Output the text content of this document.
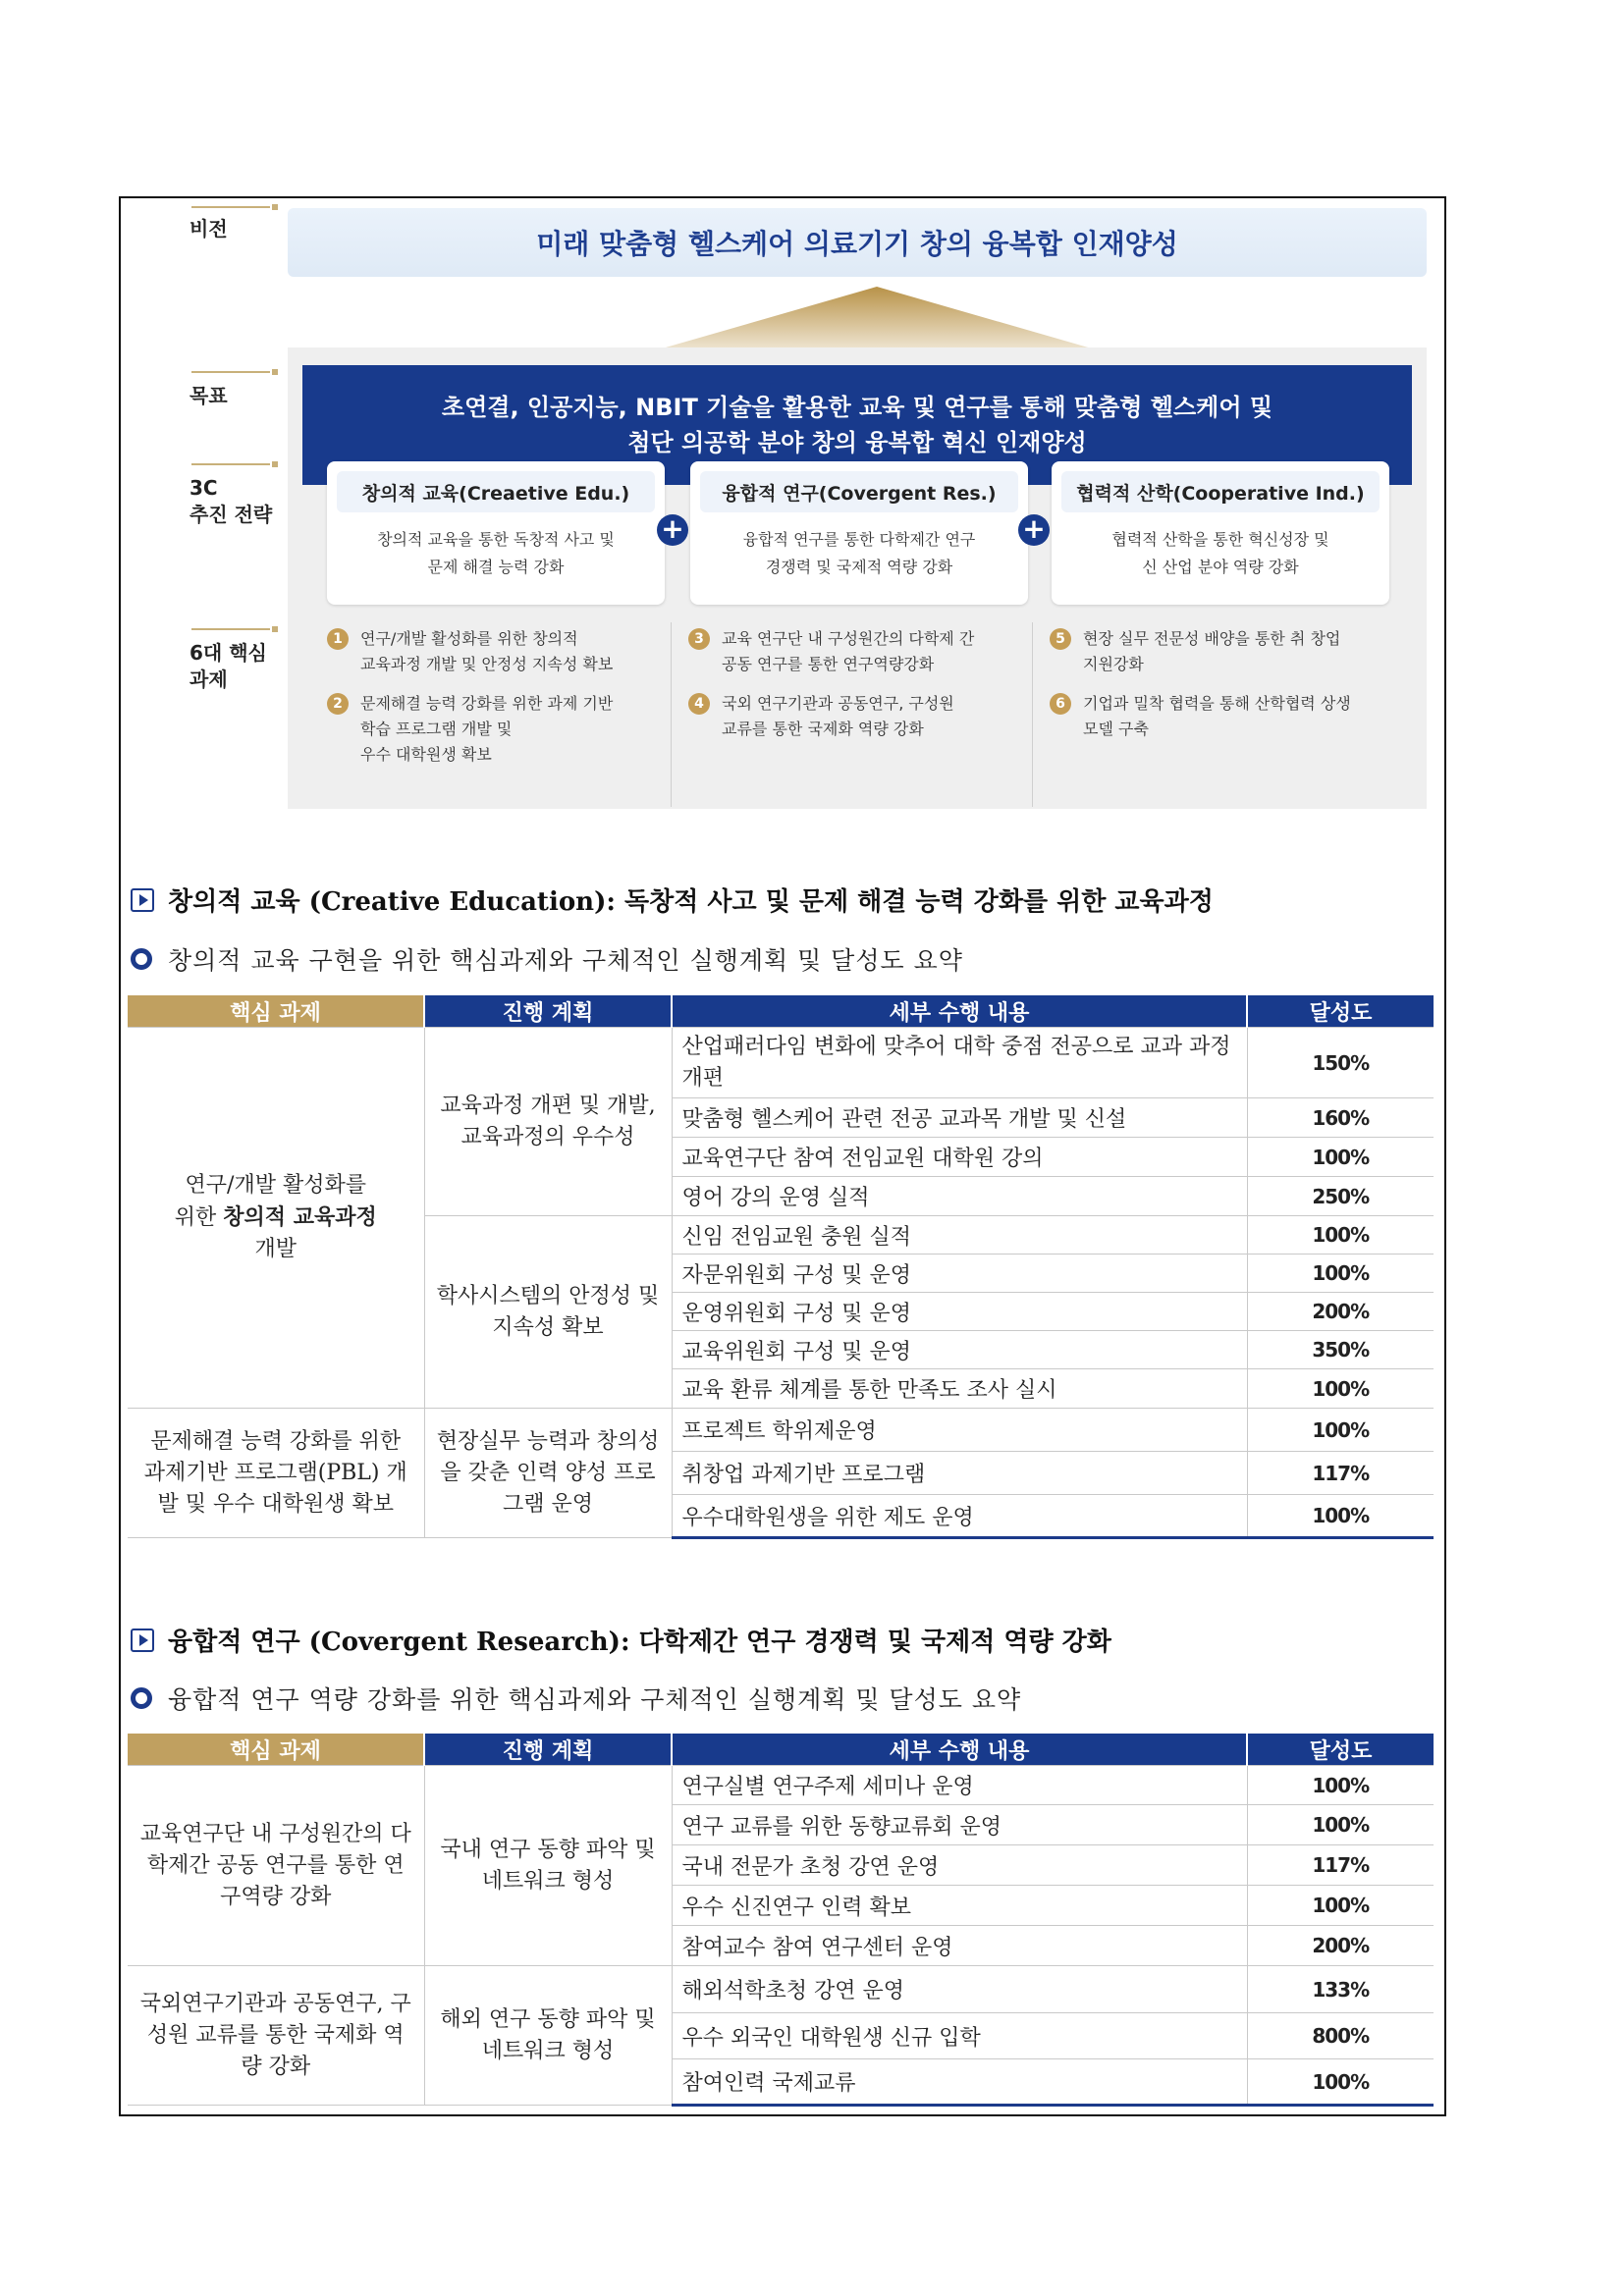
비전	미래 맞춤형 헬스케어 의료기기 창의 융복합 인재양성
목표	초연결, 인공지능, NBIT 기술을 활용한 교육 및 연구를 통해 맞춤형 헬스케어 및
첨단 의공학 분야 창의 융복합 혁신 인재양성
3C
추진 전략
창의적 교육(Creaetive Edu.)
창의적 교육을 통한 독창적 사고 및
문제 해결 능력 강화
+
융합적 연구(Covergent Res.)
융합적 연구를 통한 다학제간 연구
경쟁력 및 국제적 역량 강화
+
협력적 산학(Cooperative Ind.)
협력적 산학을 통한 혁신성장 및
신 산업 분야 역량 강화
6대 핵심
과제
1	연구/개발 활성화를 위한 창의적
교육과정 개발 및 안정성 지속성 확보
2	문제해결 능력 강화를 위한 과제 기반
학습 프로그램 개발 및
우수 대학원생 확보
3	교육 연구단 내 구성원간의 다학제 간
공동 연구를 통한 연구역량강화
4	국외 연구기관과 공동연구, 구성원
교류를 통한 국제화 역량 강화
5	현장 실무 전문성 배양을 통한 취 창업
지원강화
6	기업과 밀착 협력을 통해 산학협력 상생
모델 구축
창의적 교육 (Creative Education): 독창적 사고 및 문제 해결 능력 강화를 위한 교육과정
창의적 교육 구현을 위한 핵심과제와 구체적인 실행계획 및 달성도 요약
핵심 과제	진행 계획	세부 수행 내용	달성도

연구/개발 활성화를
위한 창의적 교육과정
개발	교육과정 개편 및 개발, 교육과정의 우수성	산업패러다임 변화에 맞추어 대학 중점 전공으로 교과 과정개편	150%
		맞춤형 헬스케어 관련 전공 교과목 개발 및 신설	160%
		교육연구단 참여 전임교원 대학원 강의	100%
		영어 강의 운영 실적	250%
	학사시스템의 안정성 및 지속성 확보	신임 전임교원 충원 실적	100%
		자문위원회 구성 및 운영	100%
		운영위원회 구성 및 운영	200%
		교육위원회 구성 및 운영	350%
		교육 환류 체계를 통한 만족도 조사 실시	100%
문제해결 능력 강화를 위한 과제기반 프로그램(PBL) 개발 및 우수 대학원생 확보	현장실무 능력과 창의성을 갖춘 인력 양성 프로그램 운영	프로젝트 학위제운영	100%
		취창업 과제기반 프로그램	117%
		우수대학원생을 위한 제도 운영	100%
융합적 연구 (Covergent Research): 다학제간 연구 경쟁력 및 국제적 역량 강화
융합적 연구 역량 강화를 위한 핵심과제와 구체적인 실행계획 및 달성도 요약
핵심 과제	진행 계획	세부 수행 내용	달성도
교육연구단 내 구성원간의 다학제간 공동 연구를 통한 연구역량 강화	국내 연구 동향 파악 및 네트워크 형성	연구실별 연구주제 세미나 운영	100%
		연구 교류를 위한 동향교류회 운영	100%
		국내 전문가 초청 강연 운영	117%
		우수 신진연구 인력 확보	100%
		참여교수 참여 연구센터 운영	200%
국외연구기관과 공동연구, 구성원 교류를 통한 국제화 역량 강화	해외 연구 동향 파악 및 네트워크 형성	해외석학초청 강연 운영	133%
		우수 외국인 대학원생 신규 입학	800%
		참여인력 국제교류	100%
